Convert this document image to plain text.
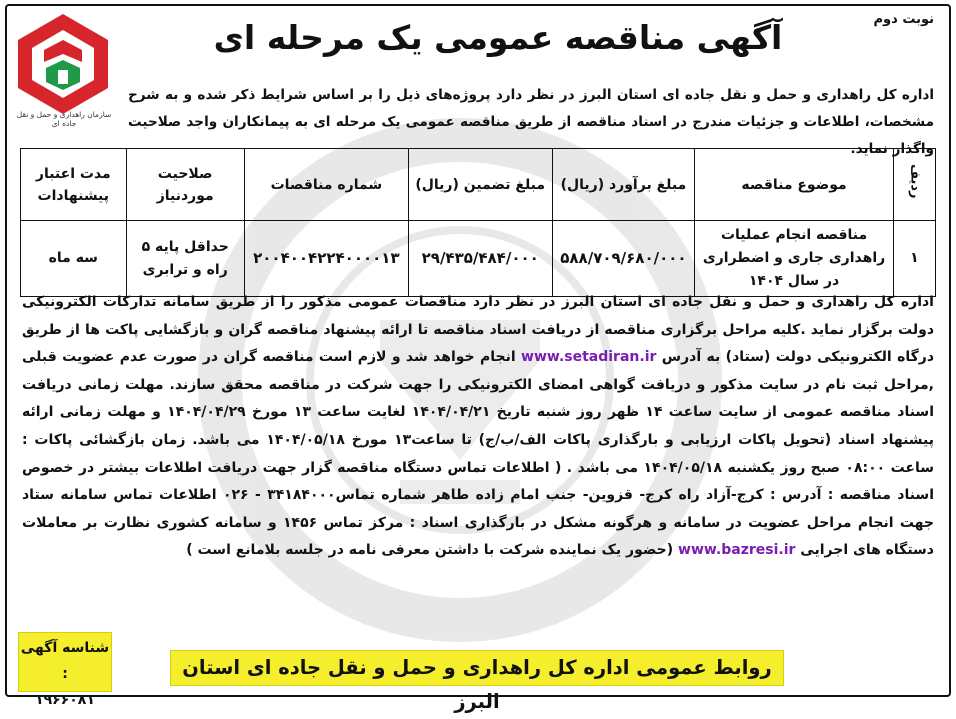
نوبت دوم
سازمان راهداری و حمل و نقل جاده ای
آگهی مناقصه عمومی یک مرحله ای
اداره کل راهداری و حمل و نقل جاده ای استان البرز در نظر دارد پروژه‌های ذیل را بر اساس شرایط ذکر شده و به شرح مشخصات، اطلاعات و جزئیات مندرج در اسناد مناقصه از طریق مناقصه عمومی یک مرحله ای به پیمانکاران واجد صلاحیت واگذار نماید.
ردیف	موضوع مناقصه	مبلغ برآورد (ریال)	مبلغ تضمین (ریال)	شماره مناقصات	صلاحیت موردنیاز	مدت اعتبار پیشنهادات
۱	مناقصه انجام عملیات راهداری جاری و اضطراری در سال ۱۴۰۴	۵۸۸/۷۰۹/۶۸۰/۰۰۰	۲۹/۴۳۵/۴۸۴/۰۰۰	۲۰۰۴۰۰۴۲۲۴۰۰۰۰۱۳	حداقل پایه ۵ راه و ترابری	سه ماه
اداره کل راهداری و حمل و نقل جاده ای استان البرز در نظر دارد مناقصات عمومی مذکور را از طریق سامانه تدارکات الکترونیکی دولت برگزار نماید .کلیه مراحل برگزاری مناقصه از دریافت اسناد مناقصه تا ارائه پیشنهاد مناقصه گران و بازگشایی پاکت ها از طریق درگاه الکترونیکی دولت (ستاد) به آدرس www.setadiran.ir انجام خواهد شد و لازم است مناقصه گران در صورت عدم عضویت قبلی ,مراحل ثبت نام در سایت مذکور و دریافت گواهی امضای الکترونیکی را جهت شرکت در مناقصه محقق سازند. مهلت زمانی دریافت اسناد مناقصه عمومی از سایت ساعت ۱۴ ظهر روز شنبه تاریخ ۱۴۰۴/۰۴/۲۱ لغایت ساعت ۱۳ مورخ ۱۴۰۴/۰۴/۲۹ و مهلت زمانی ارائه پیشنهاد اسناد (تحویل پاکات ارزیابی و بارگذاری پاکات الف/ب/ج) تا ساعت۱۳ مورخ ۱۴۰۴/۰۵/۱۸ می باشد. زمان بازگشائی پاکات : ساعت ۰۸:۰۰ صبح روز یکشنبه ۱۴۰۴/۰۵/۱۸ می باشد . ( اطلاعات تماس دستگاه مناقصه گزار جهت دریافت اطلاعات بیشتر در خصوص اسناد مناقصه : آدرس : کرج-آزاد راه کرج- قزوین- جنب امام زاده طاهر شماره تماس۳۴۱۸۴۰۰۰ - ۰۲۶ اطلاعات تماس سامانه ستاد جهت انجام مراحل عضویت در سامانه و هرگونه مشکل در بارگذاری اسناد : مرکز تماس ۱۴۵۶ و سامانه کشوری نظارت بر معاملات دستگاه های اجرایی www.bazresi.ir (حضور یک نماینده شرکت با داشتن معرفی نامه در جلسه بلامانع است )
شناسه آگهی :
۱۹۶۶۰۸۱
روابط عمومی اداره کل راهداری و حمل و نقل جاده ای استان البرز
